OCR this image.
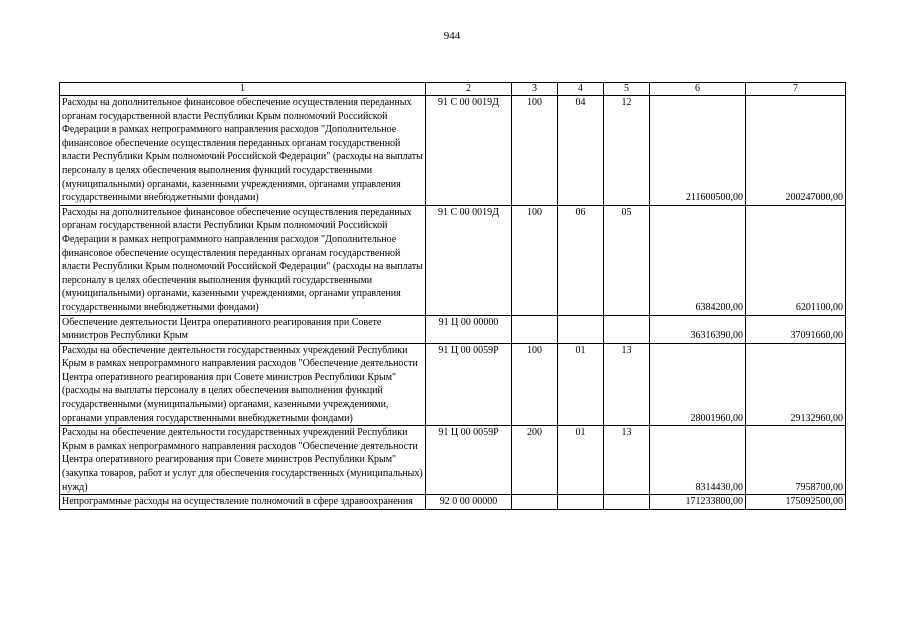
944
1	2	3	4	5	6	7
Расходы на дополнительное финансовое обеспечение осуществления переданных органам государственной власти Республики Крым полномочий Российской Федерации в рамках непрограммного направления расходов "Дополнительное финансовое обеспечение осуществления переданных органам государственной власти Республики Крым полномочий Российской Федерации" (расходы на выплаты персоналу в целях обеспечения выполнения функций государственными (муниципальными) органами, казенными учреждениями, органами управления государственными внебюджетными фондами)	91 С 00 0019Д	100	04	12	211600500,00	200247000,00
Расходы на дополнительное финансовое обеспечение осуществления переданных органам государственной власти Республики Крым полномочий Российской Федерации в рамках непрограммного направления расходов "Дополнительное финансовое обеспечение осуществления переданных органам государственной власти Республики Крым полномочий Российской Федерации" (расходы на выплаты персоналу в целях обеспечения выполнения функций государственными (муниципальными) органами, казенными учреждениями, органами управления государственными внебюджетными фондами)	91 С 00 0019Д	100	06	05	6384200,00	6201100,00
Обеспечение деятельности Центра оперативного реагирования при Совете министров Республики Крым	91 Ц 00 00000				36316390,00	37091660,00
Расходы на обеспечение деятельности государственных учреждений Республики Крым в рамках непрограммного направления расходов "Обеспечение деятельности Центра оперативного реагирования при Совете министров Республики Крым" (расходы на выплаты персоналу в целях обеспечения выполнения функций государственными (муниципальными) органами, казенными учреждениями, органами управления государственными внебюджетными фондами)	91 Ц 00 0059Р	100	01	13	28001960,00	29132960,00
Расходы на обеспечение деятельности государственных учреждений Республики Крым в рамках непрограммного направления расходов "Обеспечение деятельности Центра оперативного реагирования при Совете министров Республики Крым" (закупка товаров, работ и услуг для обеспечения государственных (муниципальных) нужд)	91 Ц 00 0059Р	200	01	13	8314430,00	7958700,00
Непрограммные расходы на осуществление полномочий в сфере здравоохранения	92 0 00 00000				171233800,00	175092500,00
